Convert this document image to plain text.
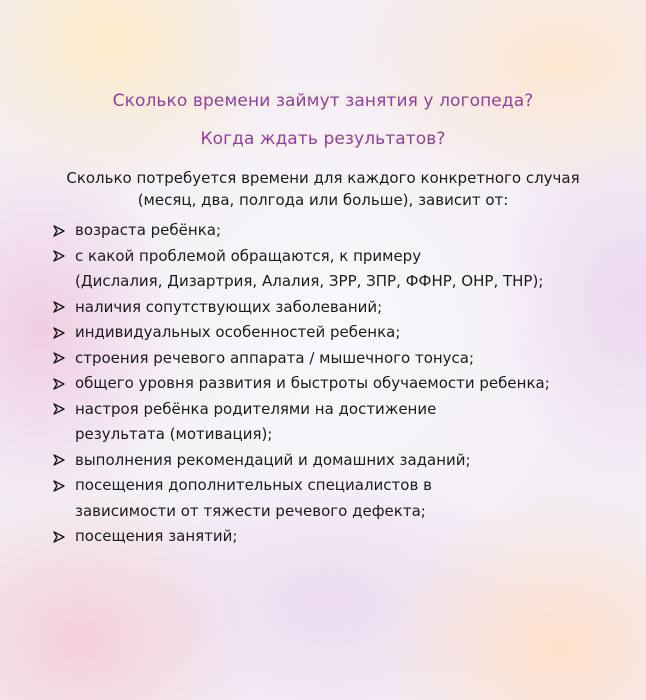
Сколько времени займут занятия у логопеда?
Когда ждать результатов?
Сколько потребуется времени для каждого конкретного случая
(месяц, два, полгода или больше), зависит от:
возраста ребёнка;
с какой проблемой обращаются, к примеру
(Дислалия, Дизартрия, Алалия, ЗРР, ЗПР, ФФНР, ОНР, ТНР);
наличия сопутствующих заболеваний;
индивидуальных особенностей ребенка;
строения речевого аппарата / мышечного тонуса;
общего уровня развития и быстроты обучаемости ребенка;
настроя ребёнка родителями на достижение
результата (мотивация);
выполнения рекомендаций и домашних заданий;
посещения дополнительных специалистов в
зависимости от тяжести речевого дефекта;
посещения занятий;
